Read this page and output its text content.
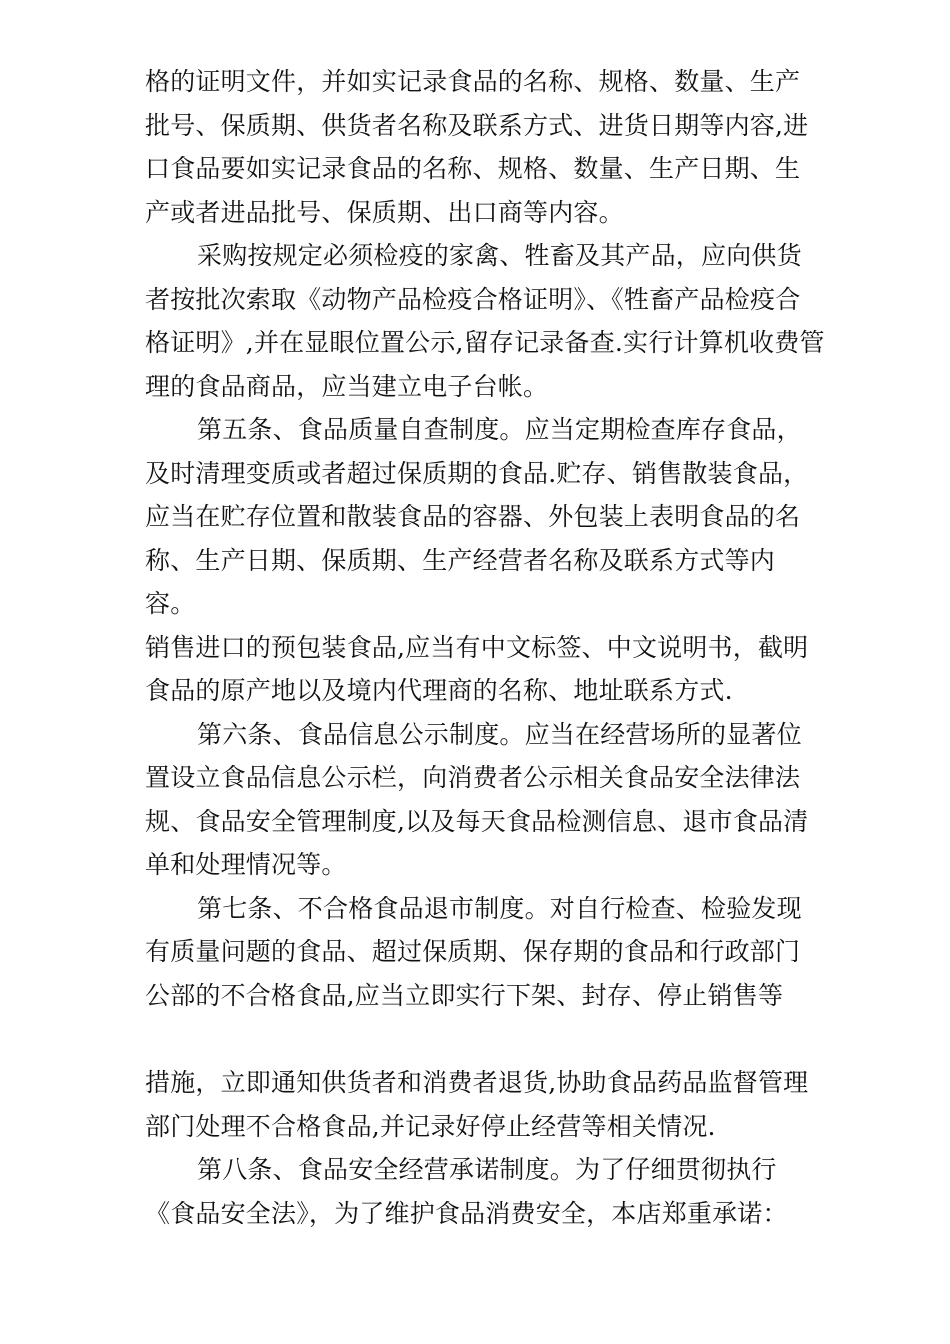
格的证明文件，并如实记录食品的名称、规格、数量、生产批号、保质期、供货者名称及联系方式、进货日期等内容,进口食品要如实记录食品的名称、规格、数量、生产日期、生产或者进品批号、保质期、出口商等内容。

采购按规定必须检疫的家禽、牲畜及其产品，应向供货者按批次索取《动物产品检疫合格证明》、《牲畜产品检疫合格证明》,并在显眼位置公示,留存记录备查.实行计算机收费管理的食品商品，应当建立电子台帐。

第五条、食品质量自查制度。应当定期检查库存食品，及时清理变质或者超过保质期的食品.贮存、销售散装食品，应当在贮存位置和散装食品的容器、外包装上表明食品的名称、生产日期、保质期、生产经营者名称及联系方式等内容。

销售进口的预包装食品,应当有中文标签、中文说明书，截明食品的原产地以及境内代理商的名称、地址联系方式.

第六条、食品信息公示制度。应当在经营场所的显著位置设立食品信息公示栏，向消费者公示相关食品安全法律法规、食品安全管理制度,以及每天食品检测信息、退市食品清单和处理情况等。

第七条、不合格食品退市制度。对自行检查、检验发现有质量问题的食品、超过保质期、保存期的食品和行政部门公部的不合格食品,应当立即实行下架、封存、停止销售等

措施，立即通知供货者和消费者退货,协助食品药品监督管理部门处理不合格食品,并记录好停止经营等相关情况.

第八条、食品安全经营承诺制度。为了仔细贯彻执行《食品安全法》，为了维护食品消费安全，本店郑重承诺：
